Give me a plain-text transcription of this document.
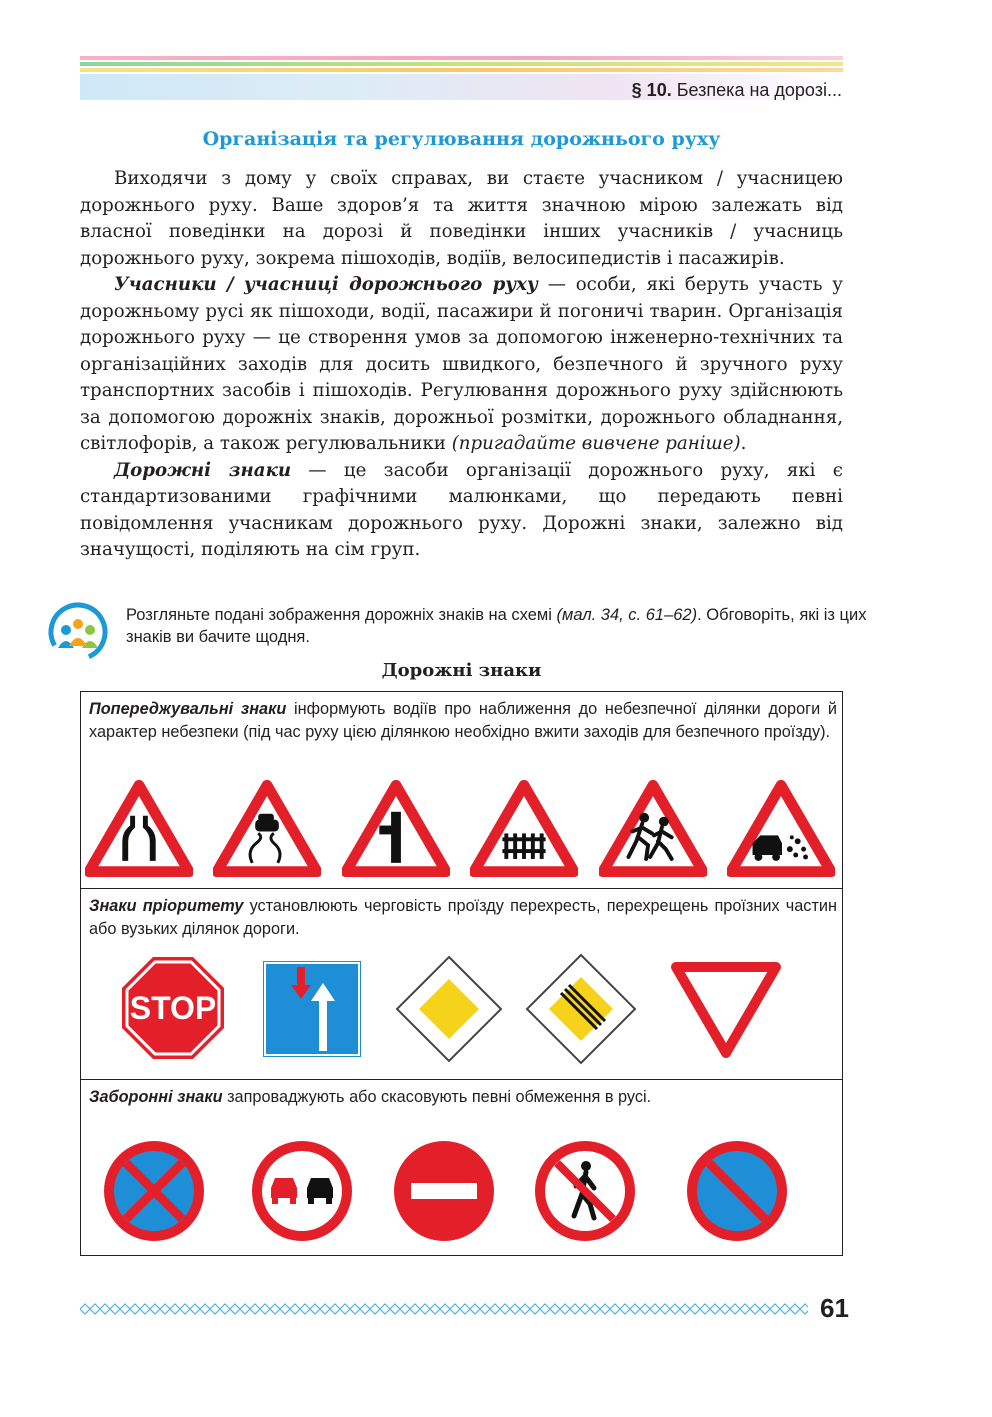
§ 10. Безпека на дорозі...
Організація та регулювання дорожнього руху

Виходячи з дому у своїх справах, ви стаєте учасником / учасницею дорожнього руху. Ваше здоров’я та життя значною мірою залежать від власної поведінки на дорозі й поведінки інших учасників / учасниць дорожнього руху, зокрема пішоходів, водіїв, велосипедистів і пасажирів.

Учасники / учасниці дорожнього руху — особи, які беруть участь у дорожньому русі як пішоходи, водії, пасажири й погоничі тварин. Організація дорожнього руху — це створення умов за допомогою інженерно-технічних та організаційних заходів для досить швидкого, безпечного й зручного руху транспортних засобів і пішоходів. Регулювання дорожнього руху здійснюють за допомогою дорожніх знаків, дорожньої розмітки, дорожнього обладнання, світлофорів, а також регулювальники (пригадайте вивчене раніше).

Дорожні знаки — це засоби організації дорожнього руху, які є стандартизованими графічними малюнками, що передають певні повідомлення учасникам дорожнього руху. Дорожні знаки, залежно від значущості, поділяють на сім груп.

Розгляньте подані зображення дорожніх знаків на схемі (мал. 34, с. 61–62). Обговоріть, які із цих знаків ви бачите щодня.
Дорожні знаки
Попереджувальні знаки інформують водіїв про наближення до небезпечної ділянки дороги й характер небезпеки (під час руху цією ділянкою необхідно вжити заходів для безпечного проїзду).
Знаки пріоритету установлюють черговість проїзду перехресть, перехрещень проїзних частин або вузьких ділянок дороги.
STOP
Заборонні знаки запроваджують або скасовують певні обмеження в русі.
61
